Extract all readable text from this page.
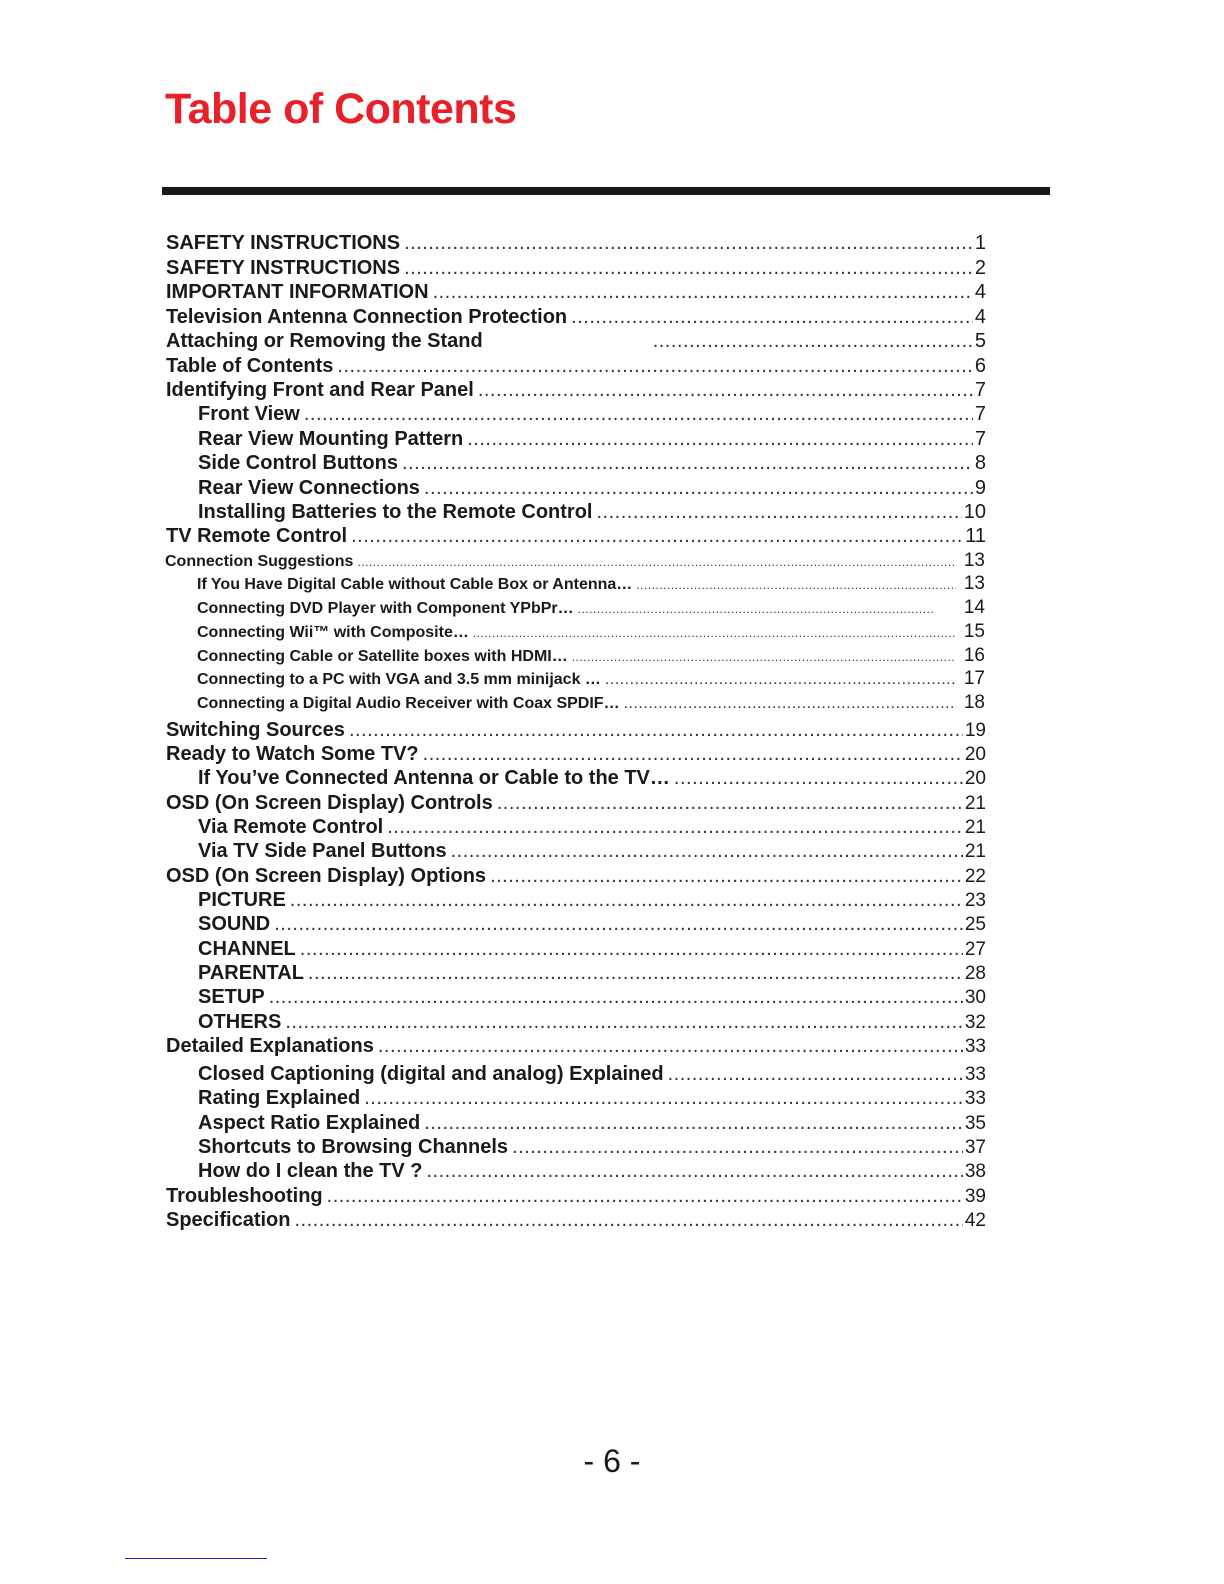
Table of Contents
SAFETY INSTRUCTIONS .....	1
SAFETY INSTRUCTIONS .....	2
IMPORTANT INFORMATION .....	4
Television Antenna Connection Protection .....	4
Attaching or Removing the Stand .....	5
Table of Contents .....	6
Identifying Front and Rear Panel .....	7
Front View .....	7
Rear View Mounting Pattern .....	7
Side Control Buttons .....	8
Rear View Connections .....	9
Installing Batteries to the Remote Control .....	10
TV Remote Control .....	11
Connection Suggestions .....	13
If You Have Digital Cable without Cable Box or Antenna… .....	13
Connecting DVD Player with Component YPbPr… .....	14
Connecting Wii™ with Composite… .....	15
Connecting Cable or Satellite boxes with HDMI… .....	16
Connecting to a PC with VGA and 3.5 mm minijack … .....	17
Connecting a Digital Audio Receiver with Coax SPDIF… .....	18
Switching Sources .....	19
Ready to Watch Some TV? .....	20
If You’ve Connected Antenna or Cable to the TV… .....	20
OSD (On Screen Display) Controls .....	21
Via Remote Control .....	21
Via TV Side Panel Buttons .....	21
OSD (On Screen Display) Options .....	22
PICTURE .....	23
SOUND .....	25
CHANNEL .....	27
PARENTAL .....	28
SETUP .....	30
OTHERS .....	32
Detailed Explanations .....	33
Closed Captioning (digital and analog) Explained .....	33
Rating Explained .....	33
Aspect Ratio Explained .....	35
Shortcuts to Browsing Channels .....	37
How do I clean the TV ? .....	38
Troubleshooting .....	39
Specification .....	42
- 6 -
